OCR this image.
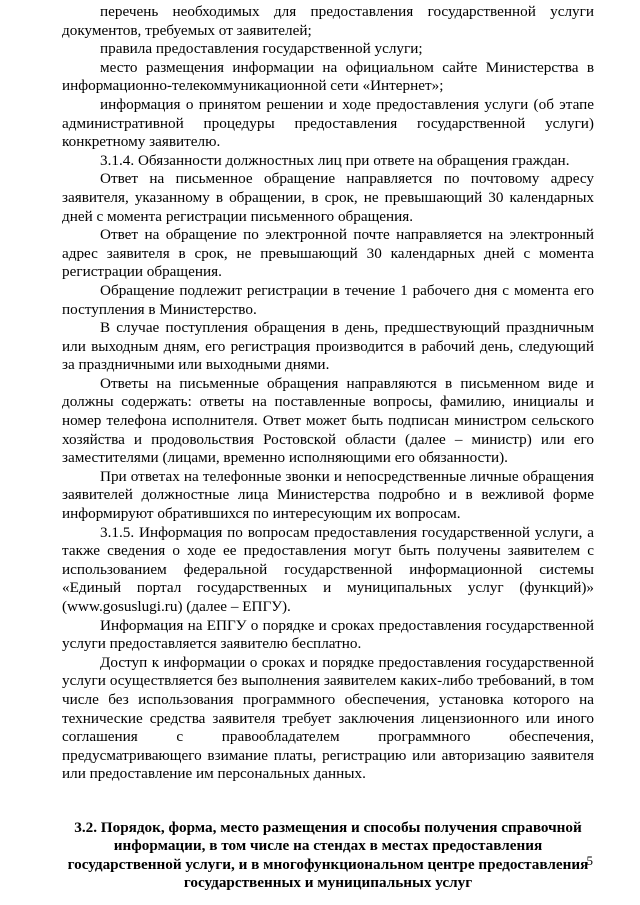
перечень необходимых для предоставления государственной услуги документов, требуемых от заявителей;

правила предоставления государственной услуги;

место размещения информации на официальном сайте Министерства в информационно-телекоммуникационной сети «Интернет»;

информация о принятом решении и ходе предоставления услуги (об этапе административной процедуры предоставления государственной услуги) конкретному заявителю.

3.1.4. Обязанности должностных лиц при ответе на обращения граждан.

Ответ на письменное обращение направляется по почтовому адресу заявителя, указанному в обращении, в срок, не превышающий 30 календарных дней с момента регистрации письменного обращения.

Ответ на обращение по электронной почте направляется на электронный адрес заявителя в срок, не превышающий 30 календарных дней с момента регистрации обращения.

Обращение подлежит регистрации в течение 1 рабочего дня с момента его поступления в Министерство.

В случае поступления обращения в день, предшествующий праздничным или выходным дням, его регистрация производится в рабочий день, следующий за праздничными или выходными днями.

Ответы на письменные обращения направляются в письменном виде и должны содержать: ответы на поставленные вопросы, фамилию, инициалы и номер телефона исполнителя. Ответ может быть подписан министром сельского хозяйства и продовольствия Ростовской области (далее – министр) или его заместителями (лицами, временно исполняющими его обязанности).

При ответах на телефонные звонки и непосредственные личные обращения заявителей должностные лица Министерства подробно и в вежливой форме информируют обратившихся по интересующим их вопросам.

3.1.5. Информация по вопросам предоставления государственной услуги, а также сведения о ходе ее предоставления могут быть получены заявителем с использованием федеральной государственной информационной системы «Единый портал государственных и муниципальных услуг (функций)» (www.gosuslugi.ru) (далее – ЕПГУ).

Информация на ЕПГУ о порядке и сроках предоставления государственной услуги предоставляется заявителю бесплатно.

Доступ к информации о сроках и порядке предоставления государственной услуги осуществляется без выполнения заявителем каких-либо требований, в том числе без использования программного обеспечения, установка которого на технические средства заявителя требует заключения лицензионного или иного соглашения с правообладателем программного обеспечения, предусматривающего взимание платы, регистрацию или авторизацию заявителя или предоставление им персональных данных.

3.2. Порядок, форма, место размещения и способы получения справочной информации, в том числе на стендах в местах предоставления государственной услуги, и в многофункциональном центре предоставления государственных и муниципальных услуг

5
